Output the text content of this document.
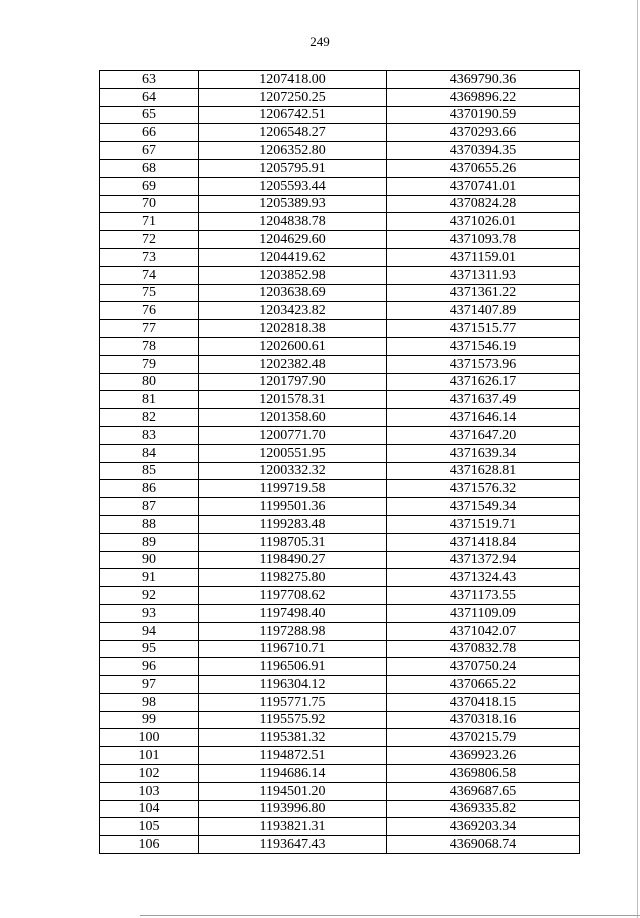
249
63	1207418.00	4369790.36
64	1207250.25	4369896.22
65	1206742.51	4370190.59
66	1206548.27	4370293.66
67	1206352.80	4370394.35
68	1205795.91	4370655.26
69	1205593.44	4370741.01
70	1205389.93	4370824.28
71	1204838.78	4371026.01
72	1204629.60	4371093.78
73	1204419.62	4371159.01
74	1203852.98	4371311.93
75	1203638.69	4371361.22
76	1203423.82	4371407.89
77	1202818.38	4371515.77
78	1202600.61	4371546.19
79	1202382.48	4371573.96
80	1201797.90	4371626.17
81	1201578.31	4371637.49
82	1201358.60	4371646.14
83	1200771.70	4371647.20
84	1200551.95	4371639.34
85	1200332.32	4371628.81
86	1199719.58	4371576.32
87	1199501.36	4371549.34
88	1199283.48	4371519.71
89	1198705.31	4371418.84
90	1198490.27	4371372.94
91	1198275.80	4371324.43
92	1197708.62	4371173.55
93	1197498.40	4371109.09
94	1197288.98	4371042.07
95	1196710.71	4370832.78
96	1196506.91	4370750.24
97	1196304.12	4370665.22
98	1195771.75	4370418.15
99	1195575.92	4370318.16
100	1195381.32	4370215.79
101	1194872.51	4369923.26
102	1194686.14	4369806.58
103	1194501.20	4369687.65
104	1193996.80	4369335.82
105	1193821.31	4369203.34
106	1193647.43	4369068.74
